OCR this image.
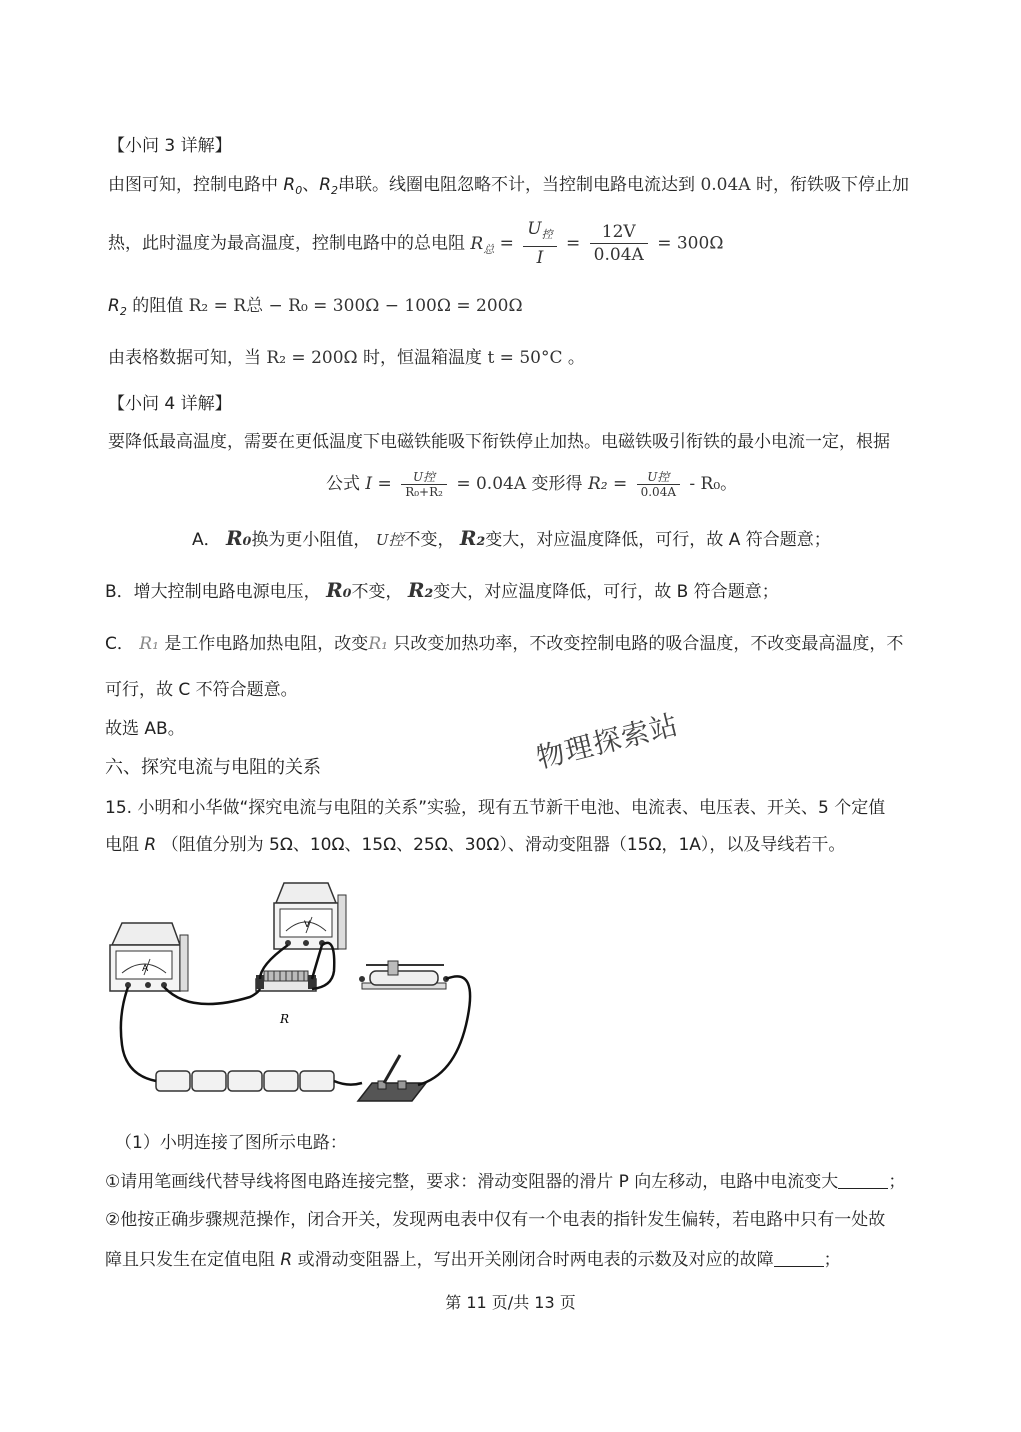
【小问 3 详解】
由图可知，控制电路中 $R_0$、$R_2$串联。线圈电阻忽略不计，当控制电路电流达到 0.04A 时，衔铁吸下停止加
热，此时温度为最高温度，控制电路中的总电阻 $R_总 = \frac{U_控}{I} = \frac{12V}{0.04A} = 300\Omega$
$R_2$ 的阻值 R₂ = R总 − R₀ = 300Ω − 100Ω = 200Ω
由表格数据可知，当 R₂ = 200Ω 时，恒温箱温度 t = 50°C 。
【小问 4 详解】
要降低最高温度，需要在更低温度下电磁铁能吸下衔铁停止加热。电磁铁吸引衔铁的最小电流一定，根据
公式 $I = \frac{\text{U控}}{\text{R₀+R₂}} = 0.04A$ 变形得 $R_2 = \frac{\text{U控}}{0.04A} - R_0$。
A． R₀换为更小阻值， U控不变， R₂变大，对应温度降低，可行，故 A 符合题意；
B．增大控制电路电源电压， R₀不变， R₂变大，对应温度降低，可行，故 B 符合题意；
C． R₁ 是工作电路加热电阻，改变R₁ 只改变加热功率，不改变控制电路的吸合温度，不改变最高温度，不
可行，故 C 不符合题意。
故选 AB。
六、探究电流与电阻的关系	物理探索站
15. 小明和小华做“探究电流与电阻的关系”实验，现有五节新干电池、电流表、电压表、开关、5 个定值
电阻 R （阻值分别为 5Ω、10Ω、15Ω、25Ω、30Ω）、滑动变阻器（15Ω，1A），以及导线若干。
A
V
R
（1）小明连接了图所示电路：
①请用笔画线代替导线将图电路连接完整，要求：滑动变阻器的滑片 P 向左移动，电路中电流变大	；
②他按正确步骤规范操作，闭合开关，发现两电表中仅有一个电表的指针发生偏转，若电路中只有一处故
障且只发生在定值电阻 R 或滑动变阻器上，写出开关刚闭合时两电表的示数及对应的故障	；
第 11 页/共 13 页
